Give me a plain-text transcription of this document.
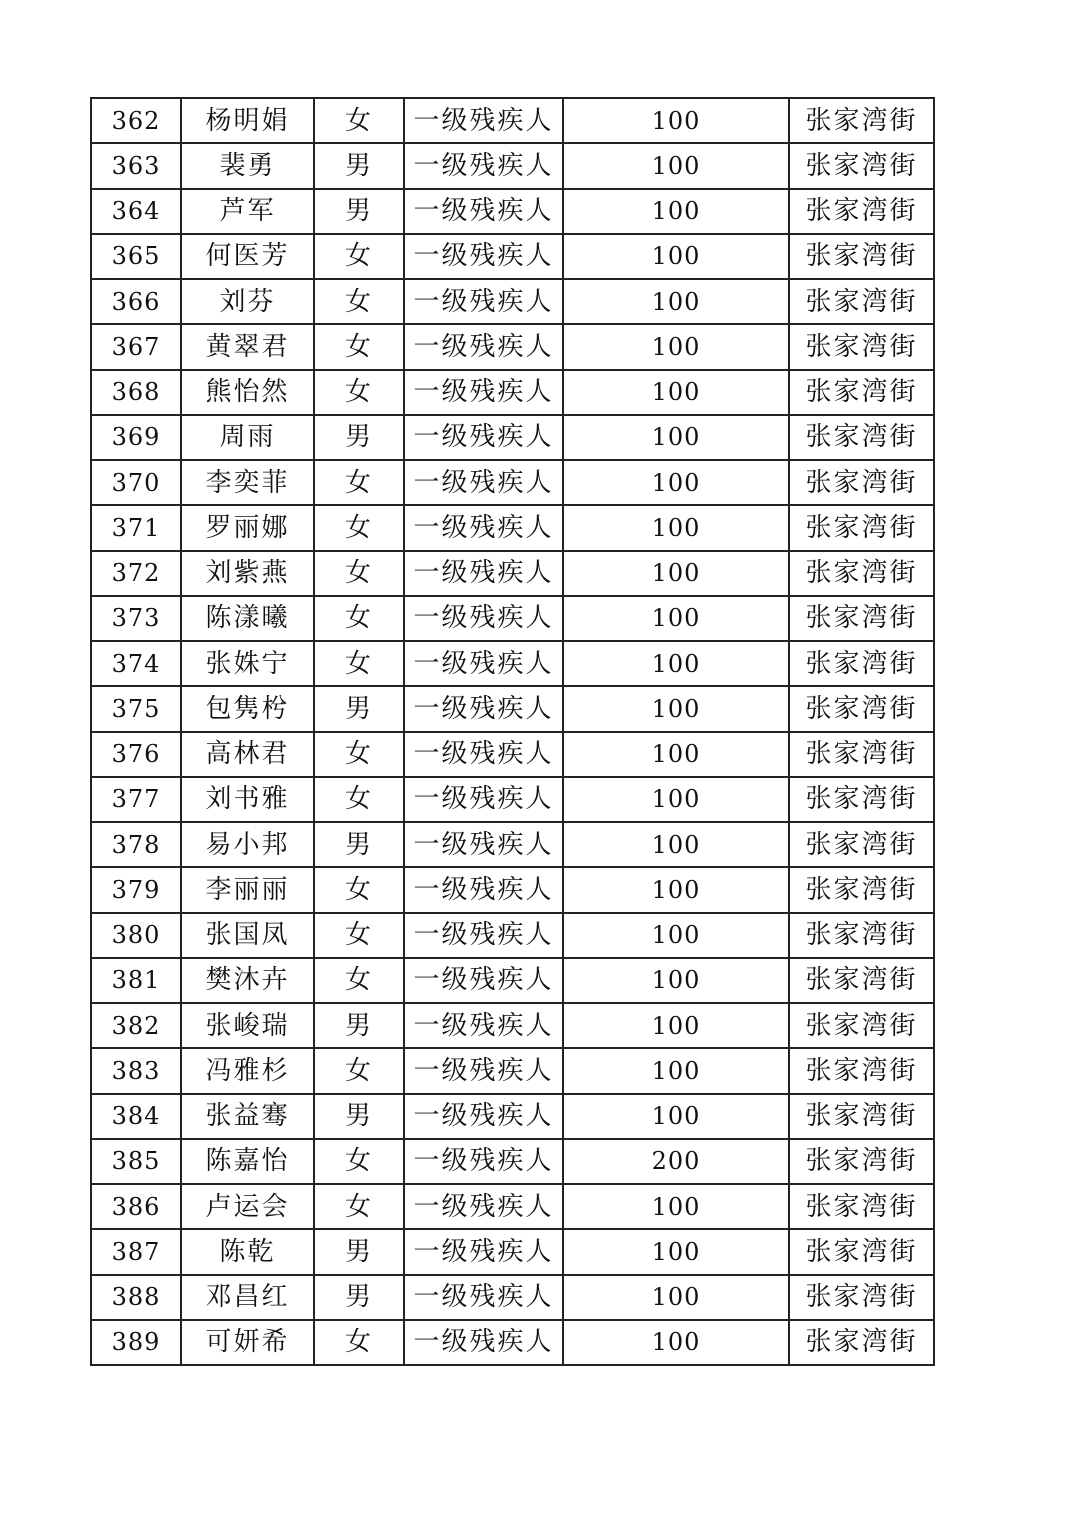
362	杨明娟	女	一级残疾人	100	张家湾街
363	裴勇	男	一级残疾人	100	张家湾街
364	芦军	男	一级残疾人	100	张家湾街
365	何医芳	女	一级残疾人	100	张家湾街
366	刘芬	女	一级残疾人	100	张家湾街
367	黄翠君	女	一级残疾人	100	张家湾街
368	熊怡然	女	一级残疾人	100	张家湾街
369	周雨	男	一级残疾人	100	张家湾街
370	李奕菲	女	一级残疾人	100	张家湾街
371	罗丽娜	女	一级残疾人	100	张家湾街
372	刘紫燕	女	一级残疾人	100	张家湾街
373	陈漾曦	女	一级残疾人	100	张家湾街
374	张姝宁	女	一级残疾人	100	张家湾街
375	包隽枍	男	一级残疾人	100	张家湾街
376	高林君	女	一级残疾人	100	张家湾街
377	刘书雅	女	一级残疾人	100	张家湾街
378	易小邦	男	一级残疾人	100	张家湾街
379	李丽丽	女	一级残疾人	100	张家湾街
380	张国凤	女	一级残疾人	100	张家湾街
381	樊沐卉	女	一级残疾人	100	张家湾街
382	张峻瑞	男	一级残疾人	100	张家湾街
383	冯雅杉	女	一级残疾人	100	张家湾街
384	张益骞	男	一级残疾人	100	张家湾街
385	陈嘉怡	女	一级残疾人	200	张家湾街
386	卢运会	女	一级残疾人	100	张家湾街
387	陈乾	男	一级残疾人	100	张家湾街
388	邓昌红	男	一级残疾人	100	张家湾街
389	可妍希	女	一级残疾人	100	张家湾街
